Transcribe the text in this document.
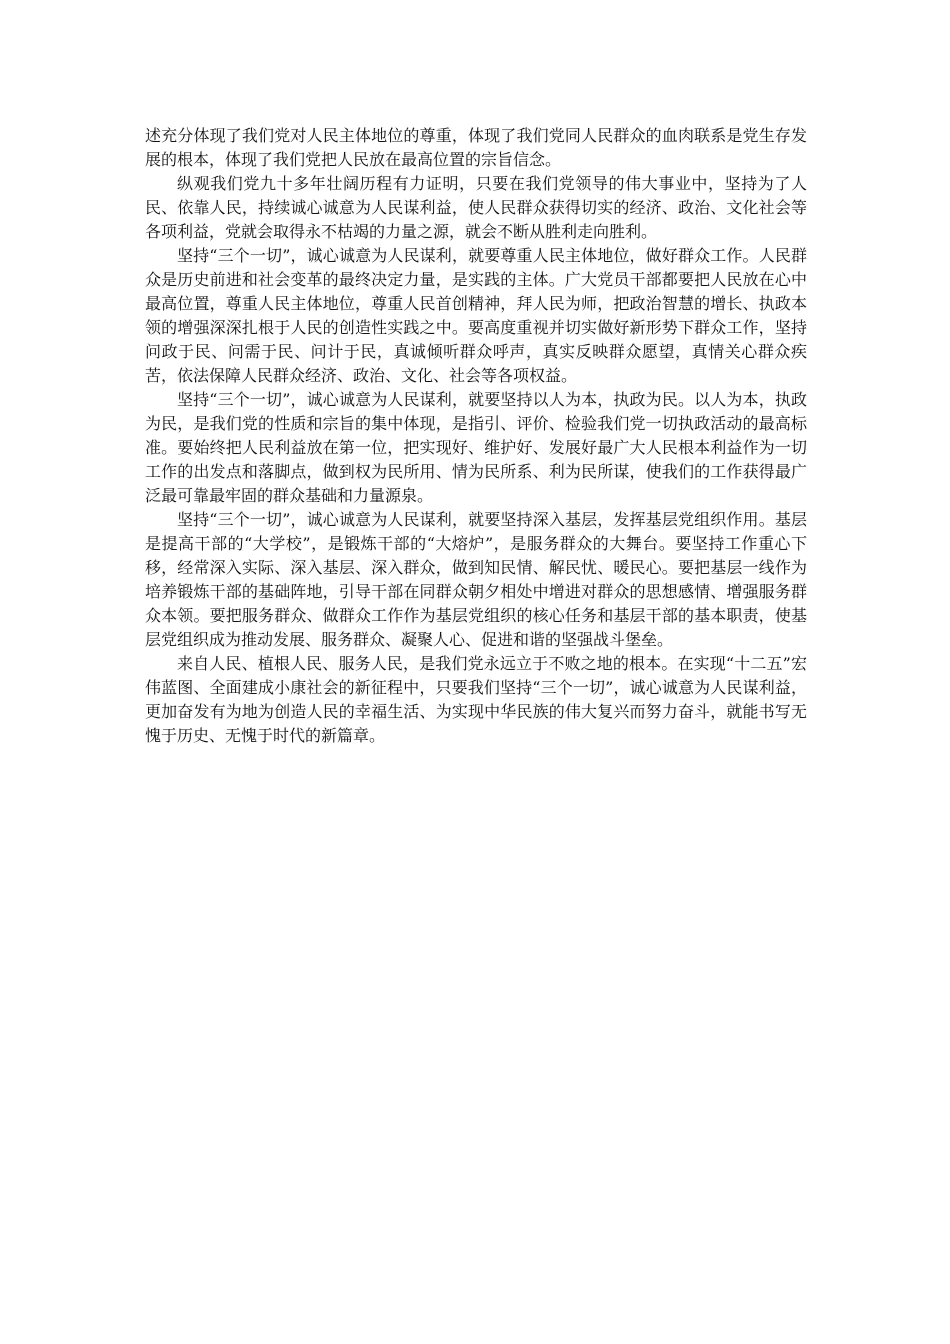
述充分体现了我们党对人民主体地位的尊重，体现了我们党同人民群众的血肉联系是党生存发展的根本，体现了我们党把人民放在最高位置的宗旨信念。

纵观我们党九十多年壮阔历程有力证明，只要在我们党领导的伟大事业中，坚持为了人民、依靠人民，持续诚心诚意为人民谋利益，使人民群众获得切实的经济、政治、文化社会等各项利益，党就会取得永不枯竭的力量之源，就会不断从胜利走向胜利。

坚持“三个一切”，诚心诚意为人民谋利，就要尊重人民主体地位，做好群众工作。人民群众是历史前进和社会变革的最终决定力量，是实践的主体。广大党员干部都要把人民放在心中最高位置，尊重人民主体地位，尊重人民首创精神，拜人民为师，把政治智慧的增长、执政本领的增强深深扎根于人民的创造性实践之中。要高度重视并切实做好新形势下群众工作，坚持问政于民、问需于民、问计于民，真诚倾听群众呼声，真实反映群众愿望，真情关心群众疾苦，依法保障人民群众经济、政治、文化、社会等各项权益。

坚持“三个一切”，诚心诚意为人民谋利，就要坚持以人为本，执政为民。以人为本，执政为民，是我们党的性质和宗旨的集中体现，是指引、评价、检验我们党一切执政活动的最高标准。要始终把人民利益放在第一位，把实现好、维护好、发展好最广大人民根本利益作为一切工作的出发点和落脚点，做到权为民所用、情为民所系、利为民所谋，使我们的工作获得最广泛最可靠最牢固的群众基础和力量源泉。

坚持“三个一切”，诚心诚意为人民谋利，就要坚持深入基层，发挥基层党组织作用。基层是提高干部的“大学校”，是锻炼干部的“大熔炉”，是服务群众的大舞台。要坚持工作重心下移，经常深入实际、深入基层、深入群众，做到知民情、解民忧、暖民心。要把基层一线作为培养锻炼干部的基础阵地，引导干部在同群众朝夕相处中增进对群众的思想感情、增强服务群众本领。要把服务群众、做群众工作作为基层党组织的核心任务和基层干部的基本职责，使基层党组织成为推动发展、服务群众、凝聚人心、促进和谐的坚强战斗堡垒。

来自人民、植根人民、服务人民，是我们党永远立于不败之地的根本。在实现“十二五”宏伟蓝图、全面建成小康社会的新征程中，只要我们坚持“三个一切”，诚心诚意为人民谋利益，更加奋发有为地为创造人民的幸福生活、为实现中华民族的伟大复兴而努力奋斗，就能书写无愧于历史、无愧于时代的新篇章。
